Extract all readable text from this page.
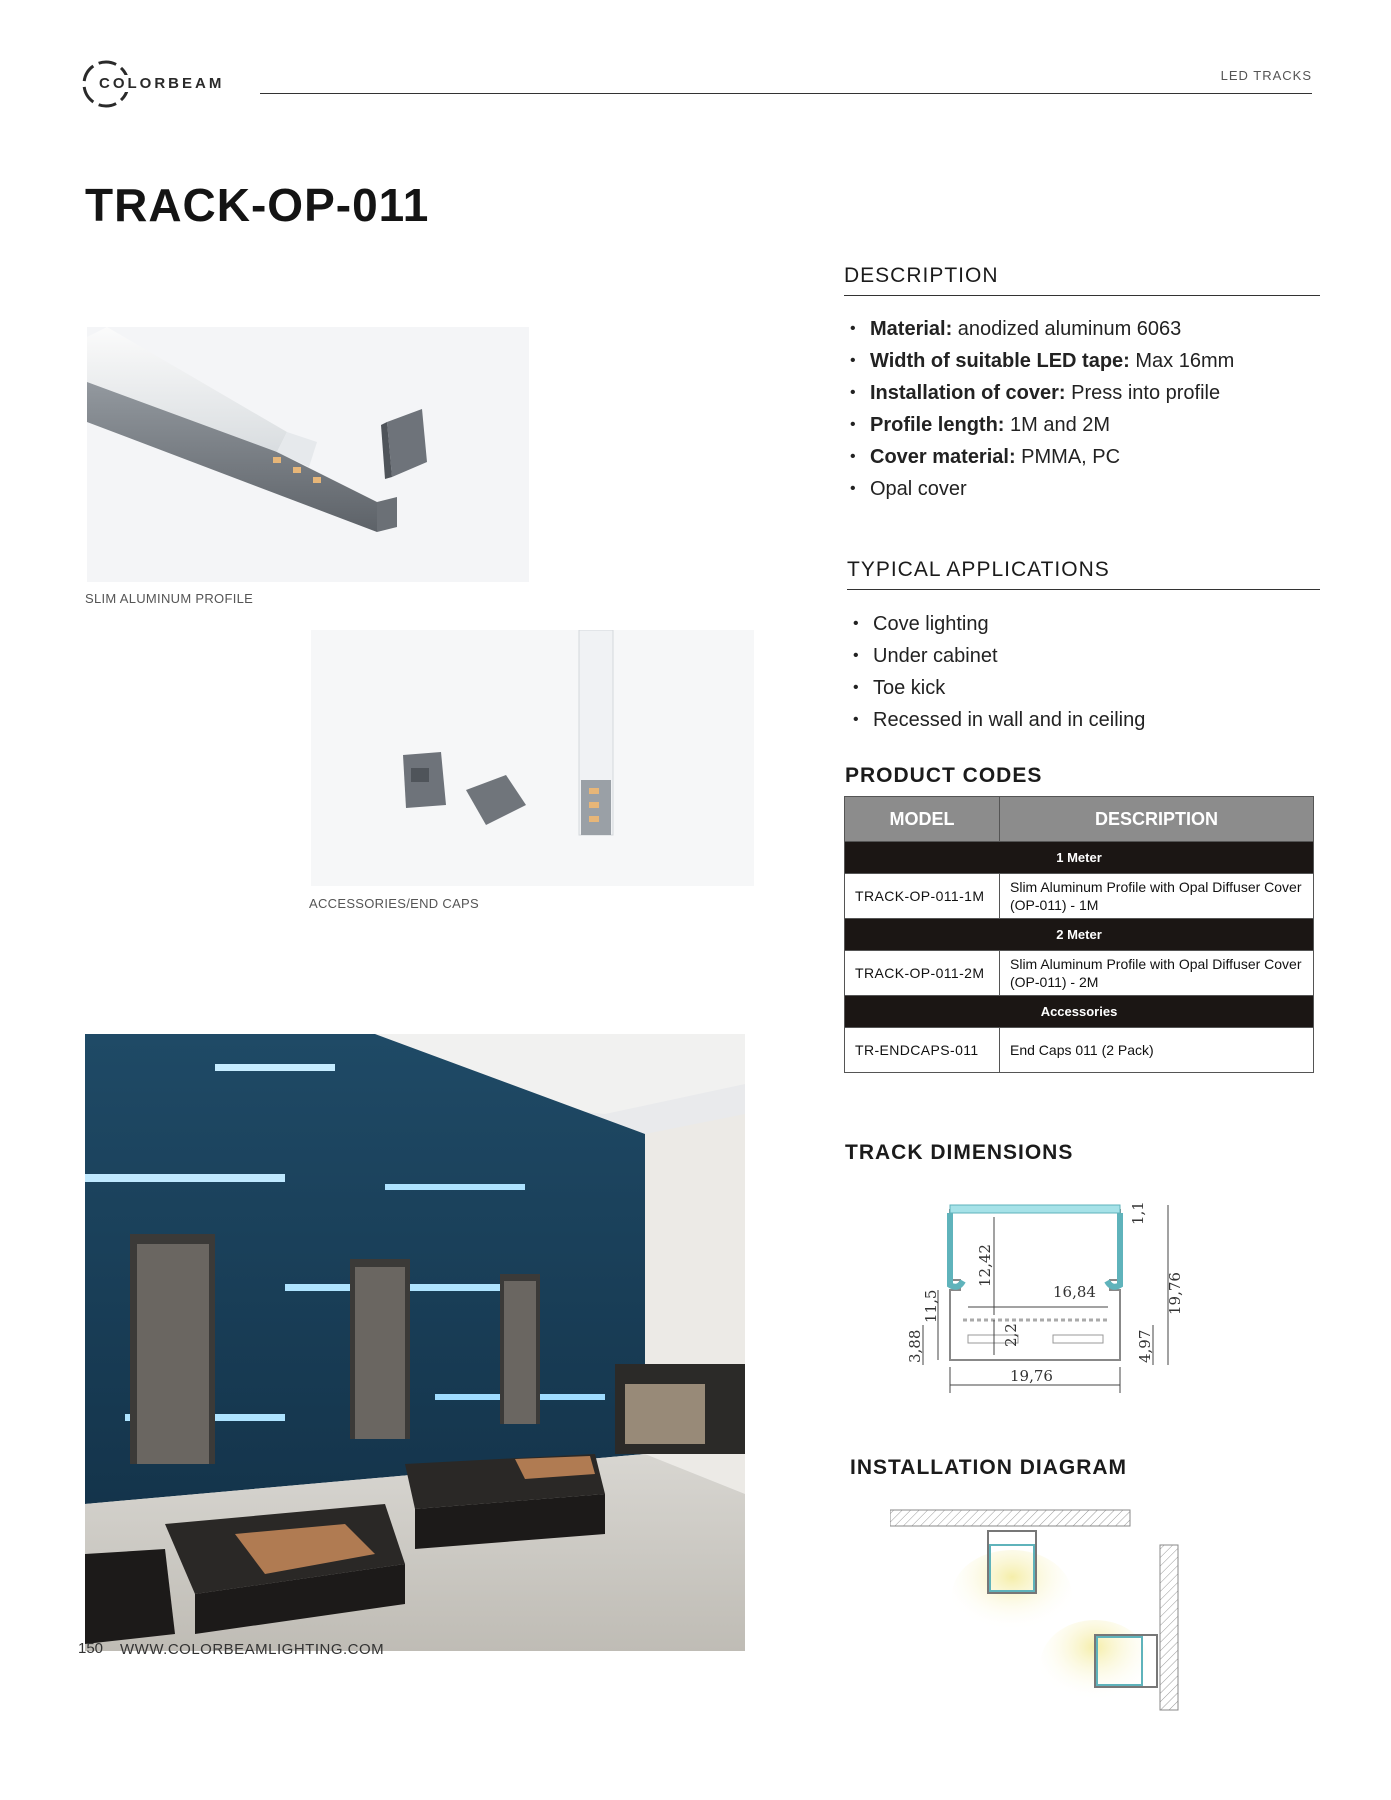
COLORBEAM	LED TRACKS
TRACK-OP-011
SLIM ALUMINUM PROFILE
ACCESSORIES/END CAPS
DESCRIPTION
• Material: anodized aluminum 6063
• Width of suitable LED tape: Max 16mm
• Installation of cover: Press into profile
• Profile length: 1M and 2M
• Cover material: PMMA, PC
• Opal cover
TYPICAL APPLICATIONS
• Cove lighting
• Under cabinet
• Toe kick
• Recessed in wall and in ceiling
PRODUCT CODES
MODEL	DESCRIPTION
1 Meter	
TRACK-OP-011-1M	Slim Aluminum Profile with Opal Diffuser Cover (OP-011) - 1M
2 Meter	
TRACK-OP-011-2M	Slim Aluminum Profile with Opal Diffuser Cover (OP-011) - 2M
Accessories	
TR-ENDCAPS-011	End Caps 011 (2 Pack)
TRACK DIMENSIONS
1,1
12,42
16,84	19,76
11,5
2,2
3,88	4,97
19,76
INSTALLATION DIAGRAM
150 WWW.COLORBEAMLIGHTING.COM
